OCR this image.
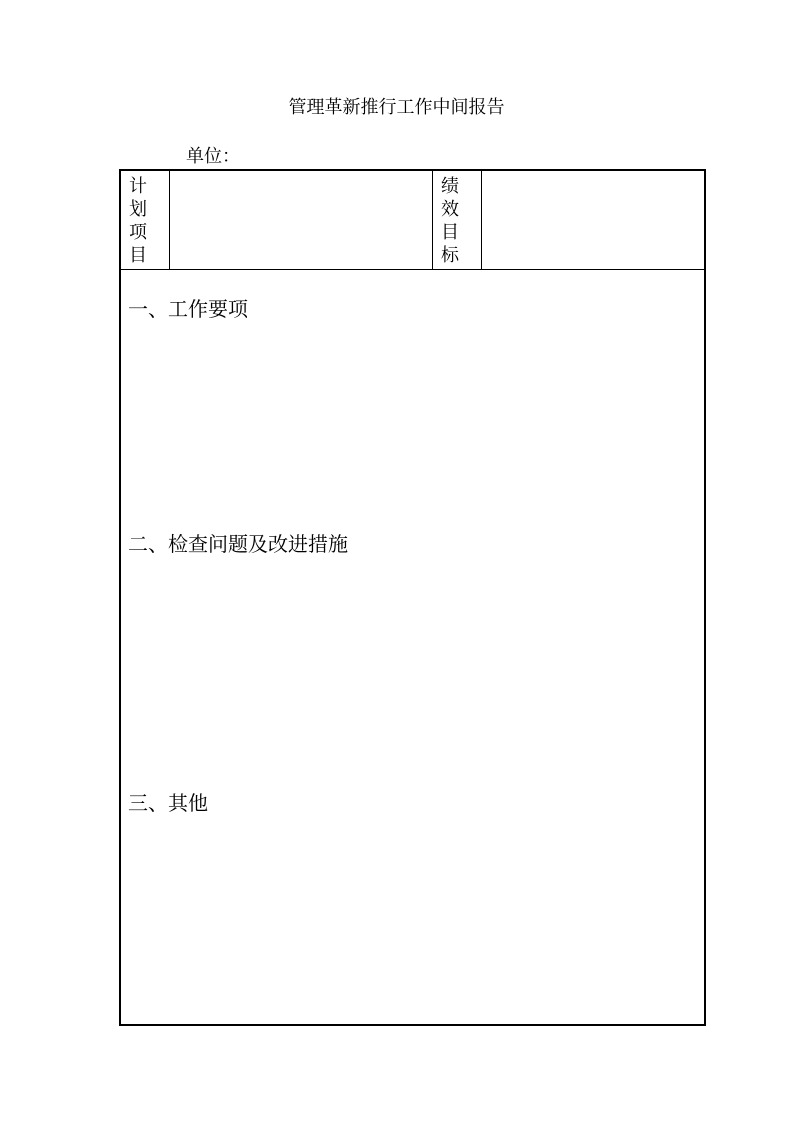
管理革新推行工作中间报告
单位：
计划项目
绩效目标
一、工作要项
二、检查问题及改进措施
三、其他
